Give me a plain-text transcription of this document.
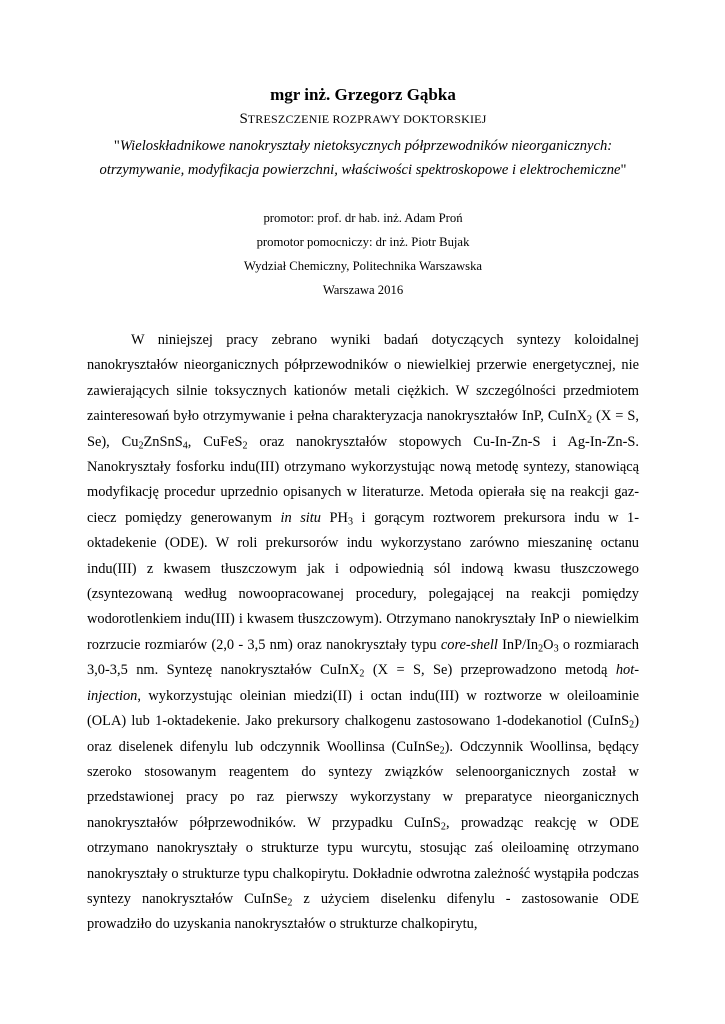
mgr inż. Grzegorz Gąbka

STRESZCZENIE ROZPRAWY DOKTORSKIEJ

"Wieloskładnikowe nanokryształy nietoksycznych półprzewodników nieorganicznych:
otrzymywanie, modyfikacja powierzchni, właściwości spektroskopowe i elektrochemiczne"
promotor: prof. dr hab. inż. Adam Proń
promotor pomocniczy: dr inż. Piotr Bujak
Wydział Chemiczny, Politechnika Warszawska
Warszawa 2016

W niniejszej pracy zebrano wyniki badań dotyczących syntezy koloidalnej nanokryształów nieorganicznych półprzewodników o niewielkiej przerwie energetycznej, nie zawierających silnie toksycznych kationów metali ciężkich. W szczególności przedmiotem zainteresowań było otrzymywanie i pełna charakteryzacja nanokryształów InP, CuInX$_2$ (X = S, Se), $Cu_2ZnSnS_4$, CuFeS$_2$ oraz nanokryształów stopowych Cu-In-Zn-S i Ag-In-Zn-S. Nanokryształy fosforku indu(III) otrzymano wykorzystując nową metodę syntezy, stanowiącą modyfikację procedur uprzednio opisanych w literaturze. Metoda opierała się na reakcji gaz-ciecz pomiędzy generowanym in situ $PH_3$ i gorącym roztworem prekursora indu w 1-oktadekenie (ODE). W roli prekursorów indu wykorzystano zarówno mieszaninę octanu indu(III) z kwasem tłuszczowym jak i odpowiednią sól indową kwasu tłuszczowego (zsyntezowaną według nowoopracowanej procedury, polegającej na reakcji pomiędzy wodorotlenkiem indu(III) i kwasem tłuszczowym). Otrzymano nanokryształy InP o niewielkim rozrzucie rozmiarów (2,0 - 3,5 nm) oraz nanokryształy typu core-shell InP/$In_2O_3$ o rozmiarach 3,0-3,5 nm. Syntezę nanokryształów CuInX$_2$ (X = S, Se) przeprowadzono metodą hot-injection, wykorzystując oleinian miedzi(II) i octan indu(III) w roztworze w oleiloaminie (OLA) lub 1-oktadekenie. Jako prekursory chalkogenu zastosowano 1-dodekanotiol (CuInS$_2$) oraz diselenek difenylu lub odczynnik Woollinsa (CuInSe$_2$). Odczynnik Woollinsa, będący szeroko stosowanym reagentem do syntezy związków selenoorganicznych został w przedstawionej pracy po raz pierwszy wykorzystany w preparatyce nieorganicznych nanokryształów półprzewodników. W przypadku CuInS$_2$, prowadząc reakcję w ODE otrzymano nanokryształy o strukturze typu wurcytu, stosując zaś oleiloaminę otrzymano nanokryształy o strukturze typu chalkopirytu. Dokładnie odwrotna zależność wystąpiła podczas syntezy nanokryształów CuInSe$_2$ z użyciem diselenku difenylu - zastosowanie ODE prowadziło do uzyskania nanokryształów o strukturze chalkopirytu,
